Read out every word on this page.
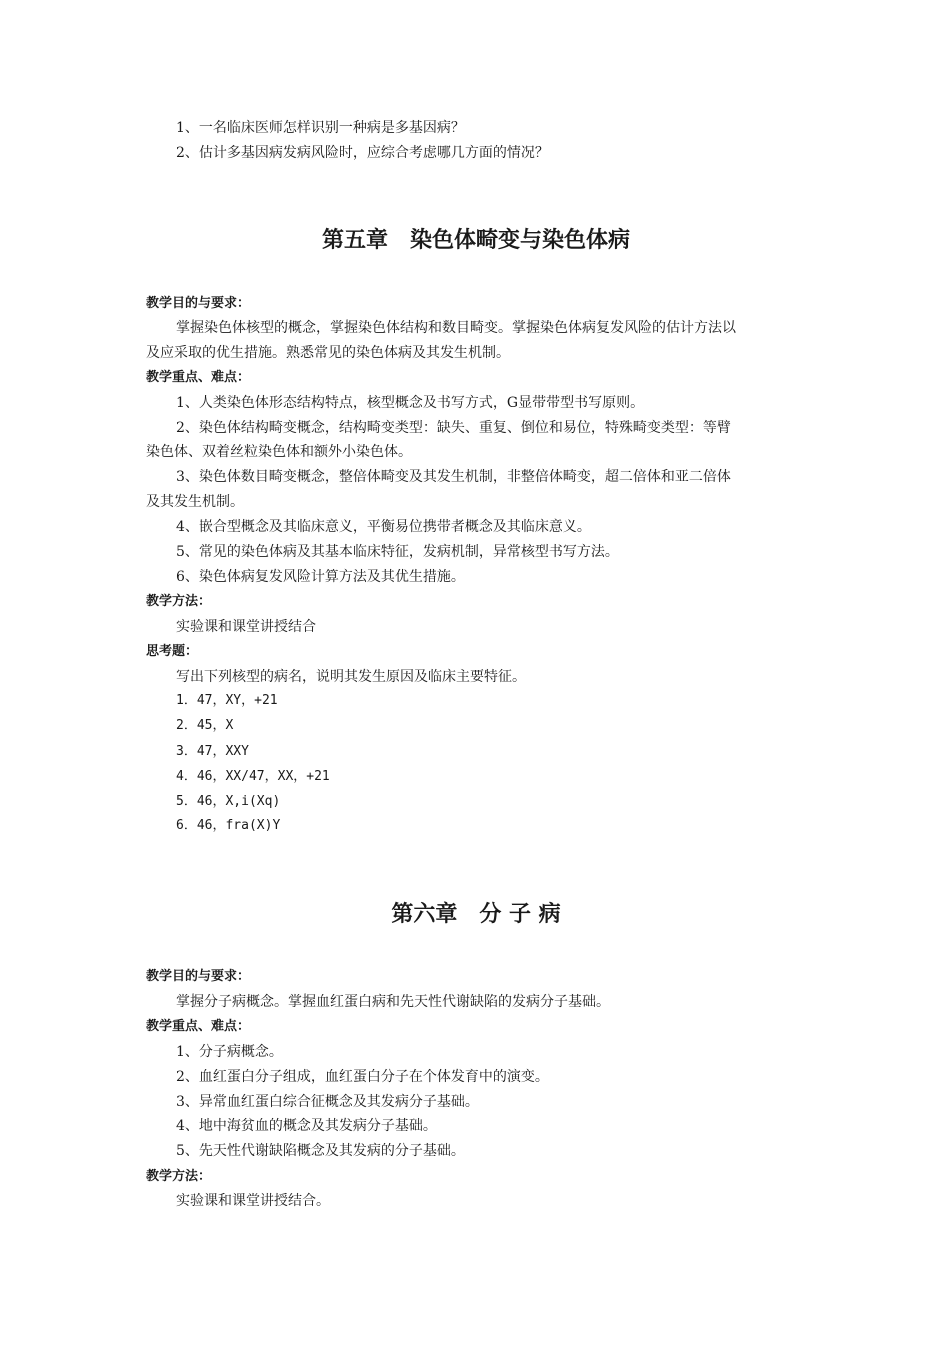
1、一名临床医师怎样识别一种病是多基因病？
2、估计多基因病发病风险时，应综合考虑哪几方面的情况？
第五章　染色体畸变与染色体病
教学目的与要求：
掌握染色体核型的概念，掌握染色体结构和数目畸变。掌握染色体病复发风险的估计方法以
及应采取的优生措施。熟悉常见的染色体病及其发生机制。
教学重点、难点：
1、人类染色体形态结构特点，核型概念及书写方式，G显带带型书写原则。
2、染色体结构畸变概念，结构畸变类型：缺失、重复、倒位和易位，特殊畸变类型：等臂
染色体、双着丝粒染色体和额外小染色体。
3、染色体数目畸变概念，整倍体畸变及其发生机制，非整倍体畸变，超二倍体和亚二倍体
及其发生机制。
4、嵌合型概念及其临床意义，平衡易位携带者概念及其临床意义。
5、常见的染色体病及其基本临床特征，发病机制，异常核型书写方法。
6、染色体病复发风险计算方法及其优生措施。
教学方法：
实验课和课堂讲授结合
思考题：
写出下列核型的病名，说明其发生原因及临床主要特征。
1．47，XY，+21
2．45，X
3．47，XXY
4．46，XX/47，XX，+21
5．46，X,i(Xq)
6．46，fra(X)Y
第六章　分 子 病
教学目的与要求：
掌握分子病概念。掌握血红蛋白病和先天性代谢缺陷的发病分子基础。
教学重点、难点：
1、分子病概念。
2、血红蛋白分子组成，血红蛋白分子在个体发育中的演变。
3、异常血红蛋白综合征概念及其发病分子基础。
4、地中海贫血的概念及其发病分子基础。
5、先天性代谢缺陷概念及其发病的分子基础。
教学方法：
实验课和课堂讲授结合。
